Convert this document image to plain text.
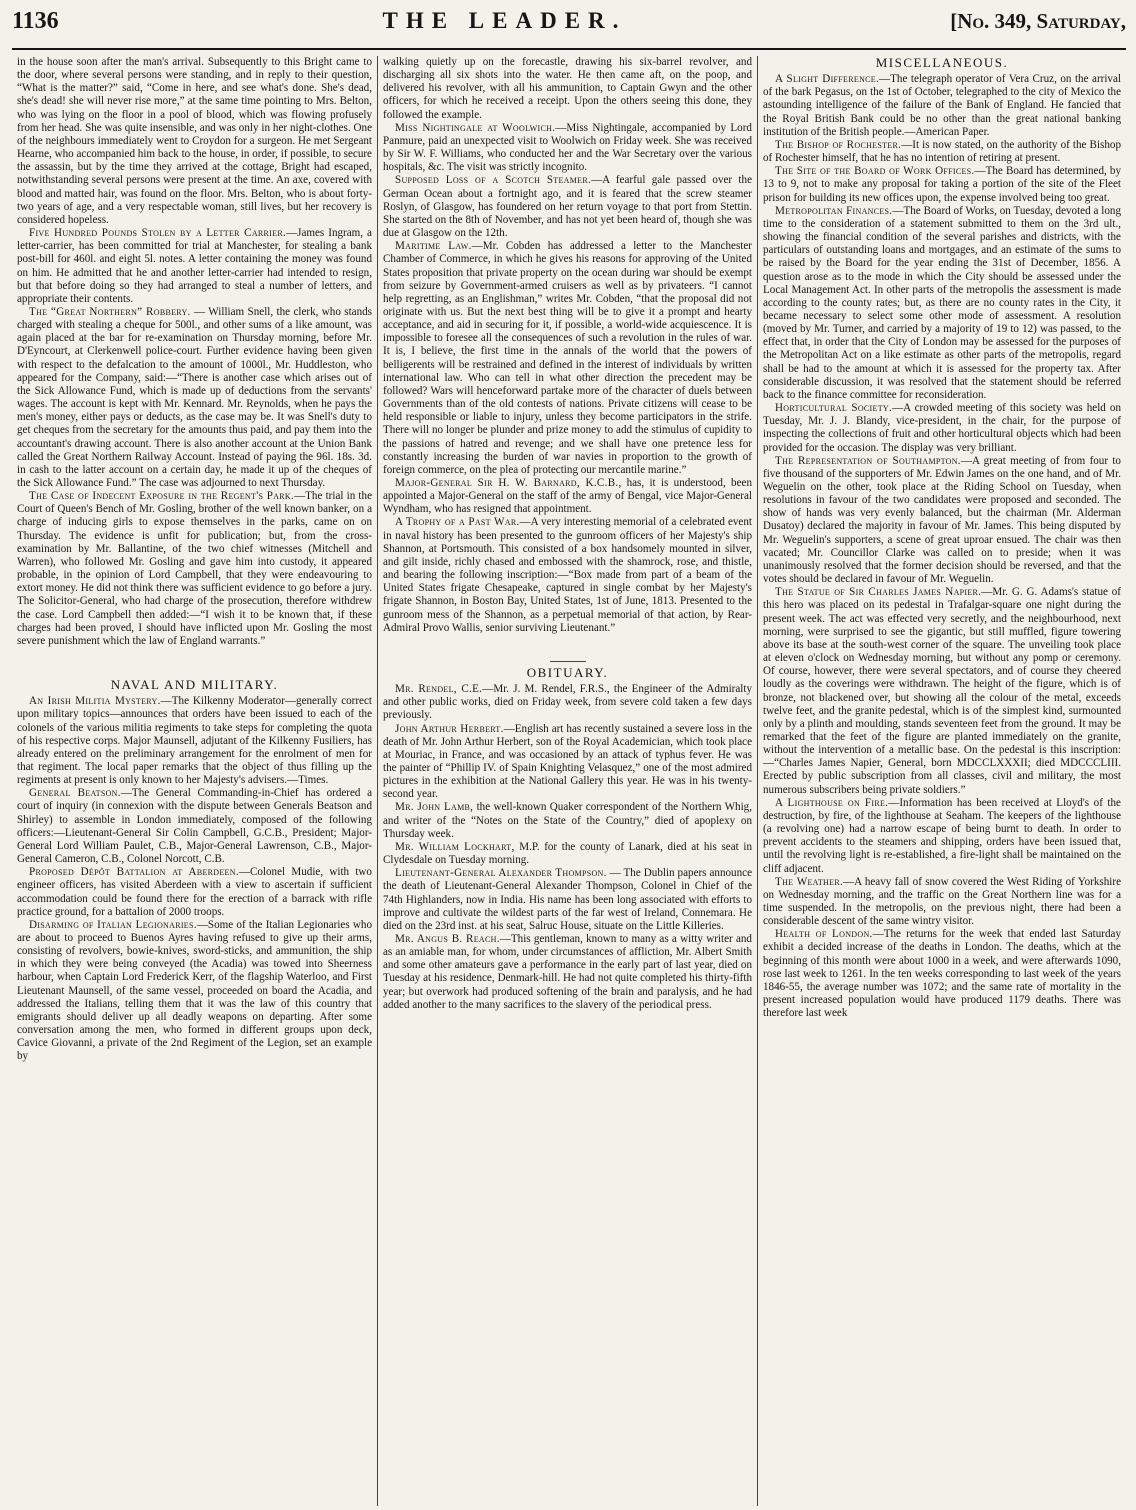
1136	THE LEADER.	[No. 349, Saturday,

in the house soon after the man's arrival. Subsequently to this Bright came to the door, where several persons were standing, and in reply to their question, “What is the matter?” said, “Come in here, and see what's done. She's dead, she's dead! she will never rise more,” at the same time pointing to Mrs. Belton, who was lying on the floor in a pool of blood, which was flowing profusely from her head. She was quite insensible, and was only in her night-clothes. One of the neighbours immediately went to Croydon for a surgeon. He met Sergeant Hearne, who accompanied him back to the house, in order, if possible, to secure the assassin, but by the time they arrived at the cottage, Bright had escaped, notwithstanding several persons were present at the time. An axe, covered with blood and matted hair, was found on the floor. Mrs. Belton, who is about forty-two years of age, and a very respectable woman, still lives, but her recovery is considered hopeless.

Five Hundred Pounds Stolen by a Letter Carrier.—James Ingram, a letter-carrier, has been committed for trial at Manchester, for stealing a bank post-bill for 460l. and eight 5l. notes. A letter containing the money was found on him. He admitted that he and another letter-carrier had intended to resign, but that before doing so they had arranged to steal a number of letters, and appropriate their contents.

The “Great Northern” Robbery. — William Snell, the clerk, who stands charged with stealing a cheque for 500l., and other sums of a like amount, was again placed at the bar for re-examination on Thursday morning, before Mr. D'Eyncourt, at Clerkenwell police-court. Further evidence having been given with respect to the defalcation to the amount of 1000l., Mr. Huddleston, who appeared for the Company, said:—“There is another case which arises out of the Sick Allowance Fund, which is made up of deductions from the servants' wages. The account is kept with Mr. Kennard. Mr. Reynolds, when he pays the men's money, either pays or deducts, as the case may be. It was Snell's duty to get cheques from the secretary for the amounts thus paid, and pay them into the accountant's drawing account. There is also another account at the Union Bank called the Great Northern Railway Account. Instead of paying the 96l. 18s. 3d. in cash to the latter account on a certain day, he made it up of the cheques of the Sick Allowance Fund.” The case was adjourned to next Thursday.

The Case of Indecent Exposure in the Regent's Park.—The trial in the Court of Queen's Bench of Mr. Gosling, brother of the well known banker, on a charge of inducing girls to expose themselves in the parks, came on on Thursday. The evidence is unfit for publication; but, from the cross-examination by Mr. Ballantine, of the two chief witnesses (Mitchell and Warren), who followed Mr. Gosling and gave him into custody, it appeared probable, in the opinion of Lord Campbell, that they were endeavouring to extort money. He did not think there was sufficient evidence to go before a jury. The Solicitor-General, who had charge of the prosecution, therefore withdrew the case. Lord Campbell then added:—“I wish it to be known that, if these charges had been proved, I should have inflicted upon Mr. Gosling the most severe punishment which the law of England warrants.”

NAVAL AND MILITARY.

An Irish Militia Mystery.—The Kilkenny Moderator—generally correct upon military topics—announces that orders have been issued to each of the colonels of the various militia regiments to take steps for completing the quota of his respective corps. Major Maunsell, adjutant of the Kilkenny Fusiliers, has already entered on the preliminary arrangement for the enrolment of men for that regiment. The local paper remarks that the object of thus filling up the regiments at present is only known to her Majesty's advisers.—Times.

General Beatson.—The General Commanding-in-Chief has ordered a court of inquiry (in connexion with the dispute between Generals Beatson and Shirley) to assemble in London immediately, composed of the following officers:—Lieutenant-General Sir Colin Campbell, G.C.B., President; Major-General Lord William Paulet, C.B., Major-General Lawrenson, C.B., Major-General Cameron, C.B., Colonel Norcott, C.B.

Proposed Dépôt Battalion at Aberdeen.—Colonel Mudie, with two engineer officers, has visited Aberdeen with a view to ascertain if sufficient accommodation could be found there for the erection of a barrack with rifle practice ground, for a battalion of 2000 troops.

Disarming of Italian Legionaries.—Some of the Italian Legionaries who are about to proceed to Buenos Ayres having refused to give up their arms, consisting of revolvers, bowie-knives, sword-sticks, and ammunition, the ship in which they were being conveyed (the Acadia) was towed into Sheerness harbour, when Captain Lord Frederick Kerr, of the flagship Waterloo, and First Lieutenant Maunsell, of the same vessel, proceeded on board the Acadia, and addressed the Italians, telling them that it was the law of this country that emigrants should deliver up all deadly weapons on departing. After some conversation among the men, who formed in different groups upon deck, Cavice Giovanni, a private of the 2nd Regiment of the Legion, set an example by

walking quietly up on the forecastle, drawing his six-barrel revolver, and discharging all six shots into the water. He then came aft, on the poop, and delivered his revolver, with all his ammunition, to Captain Gwyn and the other officers, for which he received a receipt. Upon the others seeing this done, they followed the example.

Miss Nightingale at Woolwich.—Miss Nightingale, accompanied by Lord Panmure, paid an unexpected visit to Woolwich on Friday week. She was received by Sir W. F. Williams, who conducted her and the War Secretary over the various hospitals, &c. The visit was strictly incognito.

Supposed Loss of a Scotch Steamer.—A fearful gale passed over the German Ocean about a fortnight ago, and it is feared that the screw steamer Roslyn, of Glasgow, has foundered on her return voyage to that port from Stettin. She started on the 8th of November, and has not yet been heard of, though she was due at Glasgow on the 12th.

Maritime Law.—Mr. Cobden has addressed a letter to the Manchester Chamber of Commerce, in which he gives his reasons for approving of the United States proposition that private property on the ocean during war should be exempt from seizure by Government-armed cruisers as well as by privateers. “I cannot help regretting, as an Englishman,” writes Mr. Cobden, “that the proposal did not originate with us. But the next best thing will be to give it a prompt and hearty acceptance, and aid in securing for it, if possible, a world-wide acquiescence. It is impossible to foresee all the consequences of such a revolution in the rules of war. It is, I believe, the first time in the annals of the world that the powers of belligerents will be restrained and defined in the interest of individuals by written international law. Who can tell in what other direction the precedent may be followed? Wars will henceforward partake more of the character of duels between Governments than of the old contests of nations. Private citizens will cease to be held responsible or liable to injury, unless they become participators in the strife. There will no longer be plunder and prize money to add the stimulus of cupidity to the passions of hatred and revenge; and we shall have one pretence less for constantly increasing the burden of war navies in proportion to the growth of foreign commerce, on the plea of protecting our mercantile marine.”

Major-General Sir H. W. Barnard, K.C.B., has, it is understood, been appointed a Major-General on the staff of the army of Bengal, vice Major-General Wyndham, who has resigned that appointment.

A Trophy of a Past War.—A very interesting memorial of a celebrated event in naval history has been presented to the gunroom officers of her Majesty's ship Shannon, at Portsmouth. This consisted of a box handsomely mounted in silver, and gilt inside, richly chased and embossed with the shamrock, rose, and thistle, and bearing the following inscription:—“Box made from part of a beam of the United States frigate Chesapeake, captured in single combat by her Majesty's frigate Shannon, in Boston Bay, United States, 1st of June, 1813. Presented to the gunroom mess of the Shannon, as a perpetual memorial of that action, by Rear-Admiral Provo Wallis, senior surviving Lieutenant.”

OBITUARY.

Mr. Rendel, C.E.—Mr. J. M. Rendel, F.R.S., the Engineer of the Admiralty and other public works, died on Friday week, from severe cold taken a few days previously.

John Arthur Herbert.—English art has recently sustained a severe loss in the death of Mr. John Arthur Herbert, son of the Royal Academician, which took place at Mouriac, in France, and was occasioned by an attack of typhus fever. He was the painter of “Phillip IV. of Spain Knighting Velasquez,” one of the most admired pictures in the exhibition at the National Gallery this year. He was in his twenty-second year.

Mr. John Lamb, the well-known Quaker correspondent of the Northern Whig, and writer of the “Notes on the State of the Country,” died of apoplexy on Thursday week.

Mr. William Lockhart, M.P. for the county of Lanark, died at his seat in Clydesdale on Tuesday morning.

Lieutenant-General Alexander Thompson. — The Dublin papers announce the death of Lieutenant-General Alexander Thompson, Colonel in Chief of the 74th Highlanders, now in India. His name has been long associated with efforts to improve and cultivate the wildest parts of the far west of Ireland, Connemara. He died on the 23rd inst. at his seat, Salruc House, situate on the Little Killeries.

Mr. Angus B. Reach.—This gentleman, known to many as a witty writer and as an amiable man, for whom, under circumstances of affliction, Mr. Albert Smith and some other amateurs gave a performance in the early part of last year, died on Tuesday at his residence, Denmark-hill. He had not quite completed his thirty-fifth year; but overwork had produced softening of the brain and paralysis, and he had added another to the many sacrifices to the slavery of the periodical press.

MISCELLANEOUS.

A Slight Difference.—The telegraph operator of Vera Cruz, on the arrival of the bark Pegasus, on the 1st of October, telegraphed to the city of Mexico the astounding intelligence of the failure of the Bank of England. He fancied that the Royal British Bank could be no other than the great national banking institution of the British people.—American Paper.

The Bishop of Rochester.—It is now stated, on the authority of the Bishop of Rochester himself, that he has no intention of retiring at present.

The Site of the Board of Work Offices.—The Board has determined, by 13 to 9, not to make any proposal for taking a portion of the site of the Fleet prison for building its new offices upon, the expense involved being too great.

Metropolitan Finances.—The Board of Works, on Tuesday, devoted a long time to the consideration of a statement submitted to them on the 3rd ult., showing the financial condition of the several parishes and districts, with the particulars of outstanding loans and mortgages, and an estimate of the sums to be raised by the Board for the year ending the 31st of December, 1856. A question arose as to the mode in which the City should be assessed under the Local Management Act. In other parts of the metropolis the assessment is made according to the county rates; but, as there are no county rates in the City, it became necessary to select some other mode of assessment. A resolution (moved by Mr. Turner, and carried by a majority of 19 to 12) was passed, to the effect that, in order that the City of London may be assessed for the purposes of the Metropolitan Act on a like estimate as other parts of the metropolis, regard shall be had to the amount at which it is assessed for the property tax. After considerable discussion, it was resolved that the statement should be referred back to the finance committee for reconsideration.

Horticultural Society.—A crowded meeting of this society was held on Tuesday, Mr. J. J. Blandy, vice-president, in the chair, for the purpose of inspecting the collections of fruit and other horticultural objects which had been provided for the occasion. The display was very brilliant.

The Representation of Southampton.—A great meeting of from four to five thousand of the supporters of Mr. Edwin James on the one hand, and of Mr. Weguelin on the other, took place at the Riding School on Tuesday, when resolutions in favour of the two candidates were proposed and seconded. The show of hands was very evenly balanced, but the chairman (Mr. Alderman Dusatoy) declared the majority in favour of Mr. James. This being disputed by Mr. Weguelin's supporters, a scene of great uproar ensued. The chair was then vacated; Mr. Councillor Clarke was called on to preside; when it was unanimously resolved that the former decision should be reversed, and that the votes should be declared in favour of Mr. Weguelin.

The Statue of Sir Charles James Napier.—Mr. G. G. Adams's statue of this hero was placed on its pedestal in Trafalgar-square one night during the present week. The act was effected very secretly, and the neighbourhood, next morning, were surprised to see the gigantic, but still muffled, figure towering above its base at the south-west corner of the square. The unveiling took place at eleven o'clock on Wednesday morning, but without any pomp or ceremony. Of course, however, there were several spectators, and of course they cheered loudly as the coverings were withdrawn. The height of the figure, which is of bronze, not blackened over, but showing all the colour of the metal, exceeds twelve feet, and the granite pedestal, which is of the simplest kind, surmounted only by a plinth and moulding, stands seventeen feet from the ground. It may be remarked that the feet of the figure are planted immediately on the granite, without the intervention of a metallic base. On the pedestal is this inscription:—“Charles James Napier, General, born MDCCLXXXII; died MDCCCLIII. Erected by public subscription from all classes, civil and military, the most numerous subscribers being private soldiers.”

A Lighthouse on Fire.—Information has been received at Lloyd's of the destruction, by fire, of the lighthouse at Seaham. The keepers of the lighthouse (a revolving one) had a narrow escape of being burnt to death. In order to prevent accidents to the steamers and shipping, orders have been issued that, until the revolving light is re-established, a fire-light shall be maintained on the cliff adjacent.

The Weather.—A heavy fall of snow covered the West Riding of Yorkshire on Wednesday morning, and the traffic on the Great Northern line was for a time suspended. In the metropolis, on the previous night, there had been a considerable descent of the same wintry visitor.

Health of London.—The returns for the week that ended last Saturday exhibit a decided increase of the deaths in London. The deaths, which at the beginning of this month were about 1000 in a week, and were afterwards 1090, rose last week to 1261. In the ten weeks corresponding to last week of the years 1846-55, the average number was 1072; and the same rate of mortality in the present increased population would have produced 1179 deaths. There was therefore last week
